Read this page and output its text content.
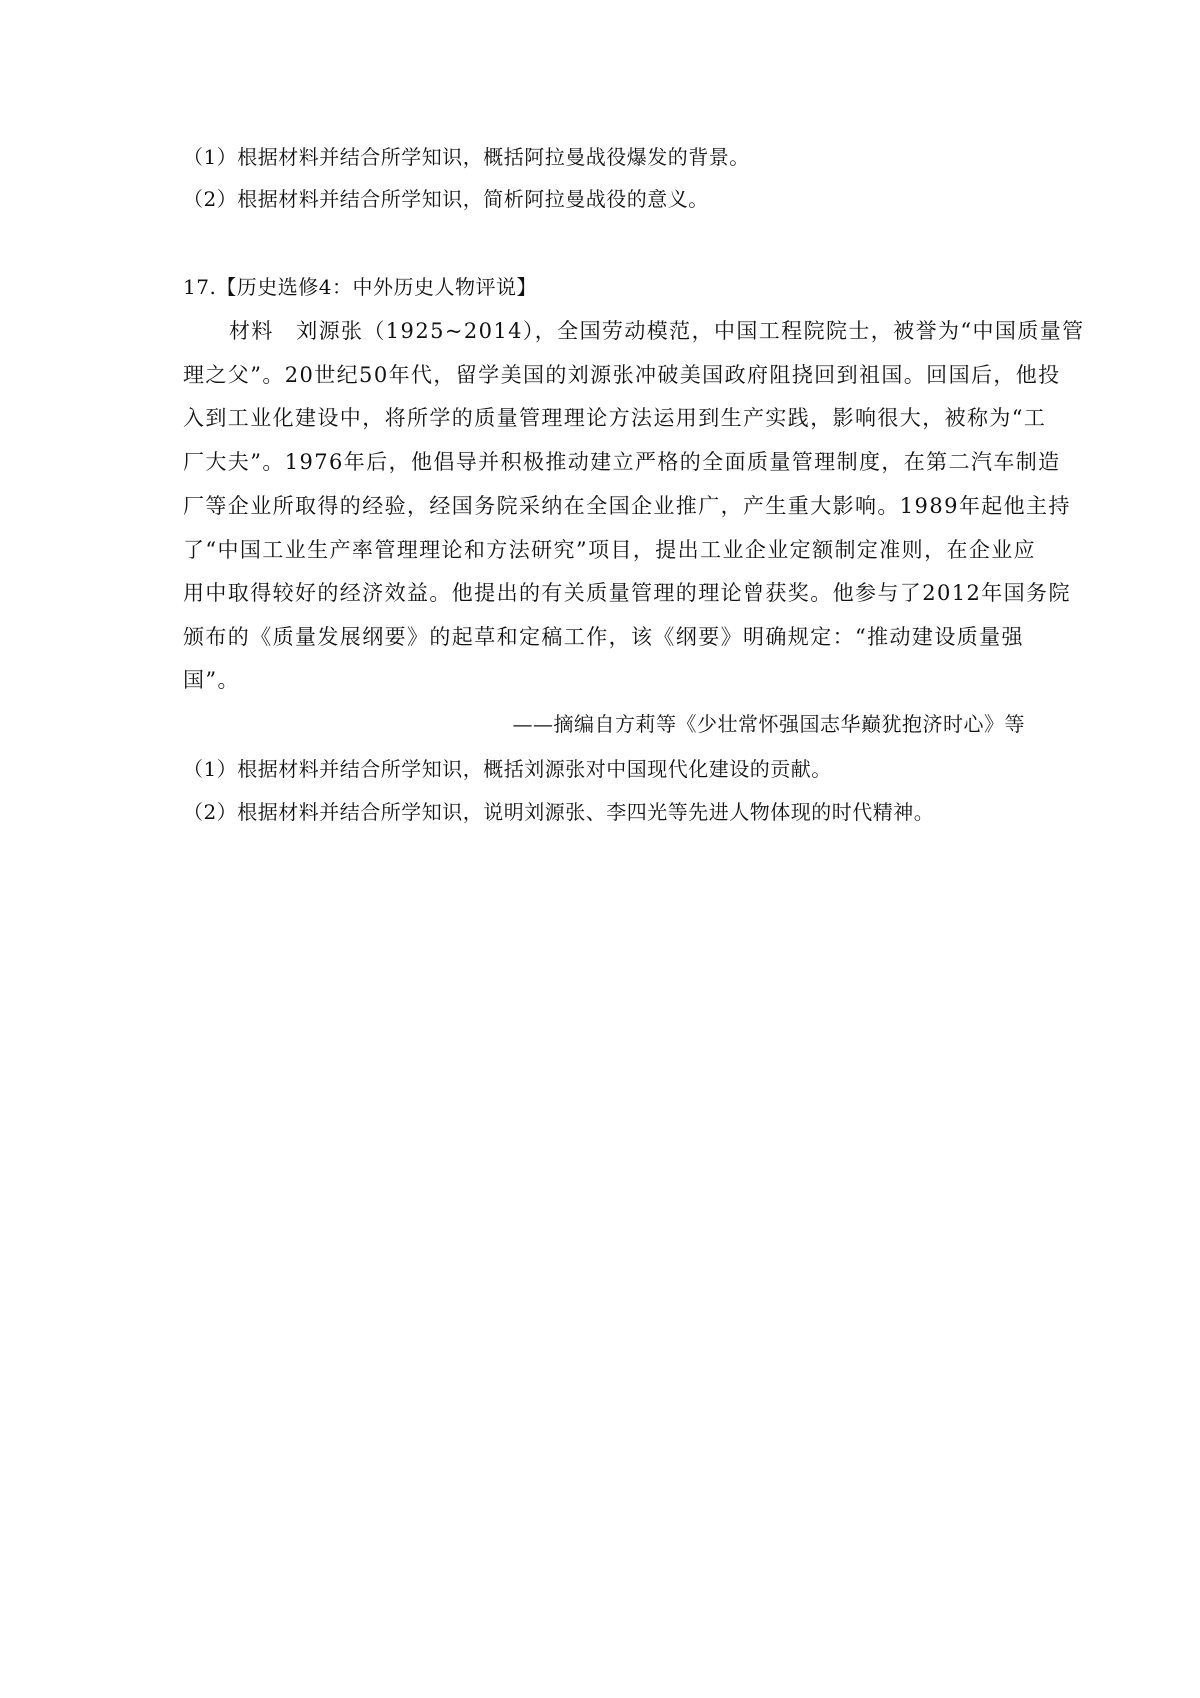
（1）根据材料并结合所学知识，概括阿拉曼战役爆发的背景。
（2）根据材料并结合所学知识，简析阿拉曼战役的意义。
17.【历史选修4：中外历史人物评说】
材料　刘源张（1925~2014），全国劳动模范，中国工程院院士，被誉为“中国质量管
理之父”。20世纪50年代，留学美国的刘源张冲破美国政府阻挠回到祖国。回国后，他投
入到工业化建设中，将所学的质量管理理论方法运用到生产实践，影响很大，被称为“工
厂大夫”。1976年后，他倡导并积极推动建立严格的全面质量管理制度，在第二汽车制造
厂等企业所取得的经验，经国务院采纳在全国企业推广，产生重大影响。1989年起他主持
了“中国工业生产率管理理论和方法研究”项目，提出工业企业定额制定准则，在企业应
用中取得较好的经济效益。他提出的有关质量管理的理论曾获奖。他参与了2012年国务院
颁布的《质量发展纲要》的起草和定稿工作，该《纲要》明确规定：“推动建设质量强
国”。
——摘编自方莉等《少壮常怀强国志华巅犹抱济时心》等
（1）根据材料并结合所学知识，概括刘源张对中国现代化建设的贡献。
（2）根据材料并结合所学知识，说明刘源张、李四光等先进人物体现的时代精神。
